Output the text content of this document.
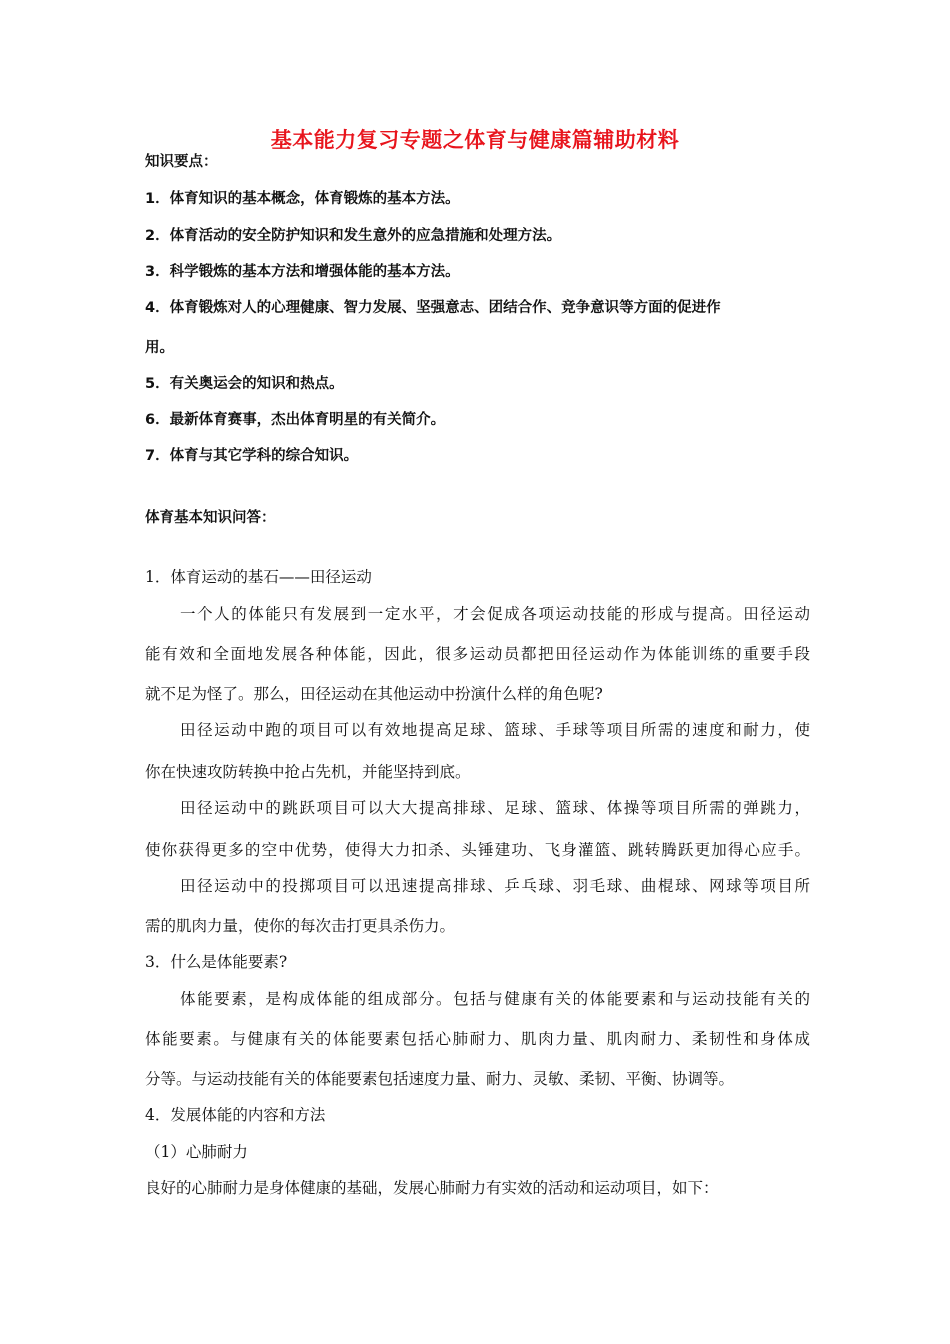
基本能力复习专题之体育与健康篇辅助材料
知识要点：
1．体育知识的基本概念，体育锻炼的基本方法。
2．体育活动的安全防护知识和发生意外的应急措施和处理方法。
3．科学锻炼的基本方法和增强体能的基本方法。
4．体育锻炼对人的心理健康、智力发展、坚强意志、团结合作、竞争意识等方面的促进作
用。
5．有关奥运会的知识和热点。
6．最新体育赛事，杰出体育明星的有关简介。
7．体育与其它学科的综合知识。
体育基本知识问答：
1．体育运动的基石——田径运动
一个人的体能只有发展到一定水平，才会促成各项运动技能的形成与提高。田径运动
能有效和全面地发展各种体能，因此，很多运动员都把田径运动作为体能训练的重要手段
就不足为怪了。那么，田径运动在其他运动中扮演什么样的角色呢?
田径运动中跑的项目可以有效地提高足球、篮球、手球等项目所需的速度和耐力，使
你在快速攻防转换中抢占先机，并能坚持到底。
田径运动中的跳跃项目可以大大提高排球、足球、篮球、体操等项目所需的弹跳力，
使你获得更多的空中优势，使得大力扣杀、头锤建功、飞身灌篮、跳转腾跃更加得心应手。
田径运动中的投掷项目可以迅速提高排球、乒乓球、羽毛球、曲棍球、网球等项目所
需的肌肉力量，使你的每次击打更具杀伤力。
3．什么是体能要素?
体能要素，是构成体能的组成部分。包括与健康有关的体能要素和与运动技能有关的
体能要素。与健康有关的体能要素包括心肺耐力、肌肉力量、肌肉耐力、柔韧性和身体成
分等。与运动技能有关的体能要素包括速度力量、耐力、灵敏、柔韧、平衡、协调等。
4．发展体能的内容和方法
（1）心肺耐力
良好的心肺耐力是身体健康的基础，发展心肺耐力有实效的活动和运动项目，如下：
